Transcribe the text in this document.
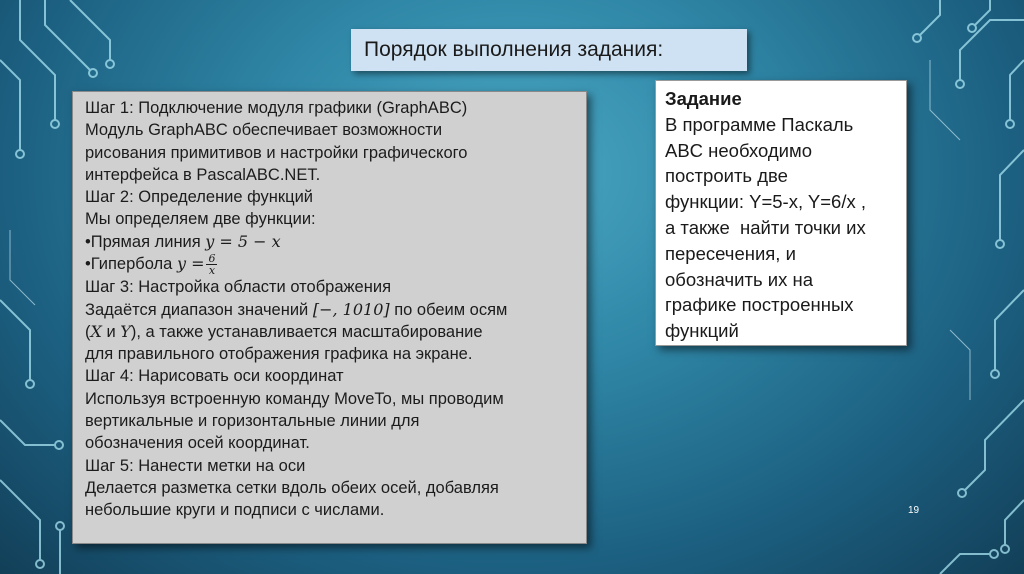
Порядок выполнения задания:
Шаг 1: Подключение модуля графики (GraphABC)
Модуль GraphABC обеспечивает возможности
рисования примитивов и настройки графического
интерфейса в PascalABC.NET.
Шаг 2: Определение функций
Мы определяем две функции:
•Прямая линия y = 5 − x
•Гипербола $y = \frac{6}{x}$
Шаг 3: Настройка области отображения
Задаётся диапазон значений [−, 1010] по обеим осям
(X и Y), а также устанавливается масштабирование
для правильного отображения графика на экране.
Шаг 4: Нарисовать оси координат
Используя встроенную команду MoveTo, мы проводим
вертикальные и горизонтальные линии для
обозначения осей координат.
Шаг 5: Нанести метки на оси
Делается разметка сетки вдоль обеих осей, добавляя
небольшие круги и подписи с числами.
Задание
В программе Паскаль
ABC необходимо
построить две
функции: Y=5-x, Y=6/x ,
а также  найти точки их
пересечения, и
обозначить их на
графике построенных
функций
19
